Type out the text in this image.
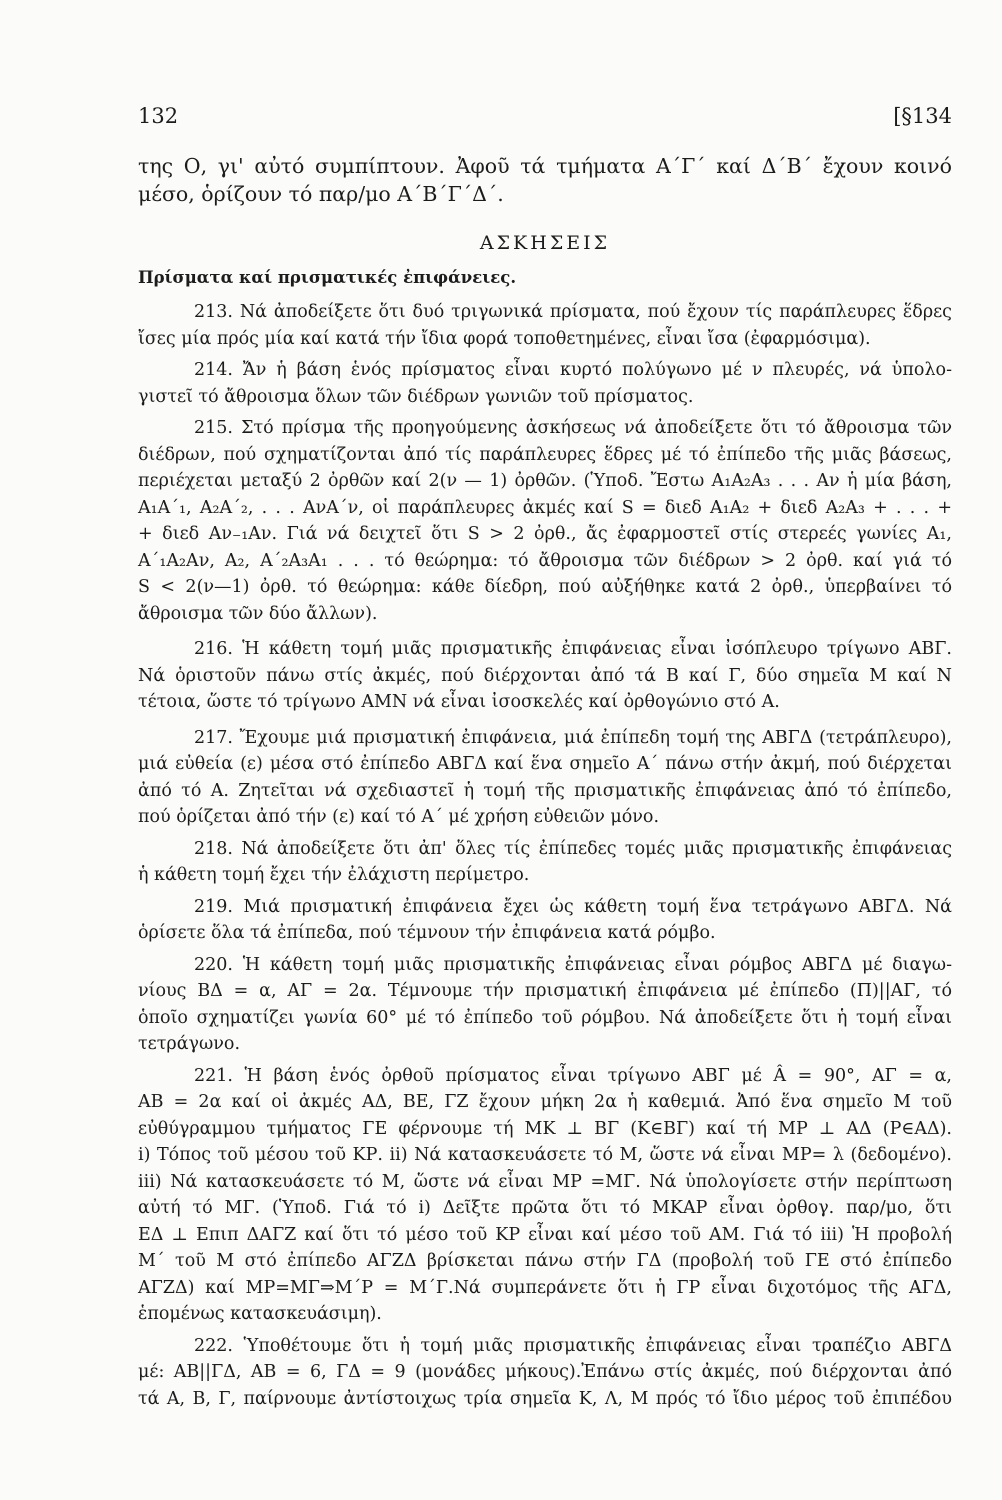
132	[§134
της Ο, γι' αὐτό συμπίπτουν. Ἀφοῦ τά τμήματα Α΄Γ΄ καί Δ΄Β΄ ἔχουν κοινό
μέσο, ὁρίζουν τό παρ/μο Α΄Β΄Γ΄Δ΄.
ΑΣΚΗΣΕΙΣ
Πρίσματα καί πρισματικές ἐπιφάνειες.
213. Νά ἀποδείξετε ὅτι δυό τριγωνικά πρίσματα, πού ἔχουν τίς παράπλευρες ἕδρες
ἴσες μία πρός μία καί κατά τήν ἴδια φορά τοποθετημένες, εἶναι ἴσα (ἐφαρμόσιμα).
214. Ἄν ἡ βάση ἑνός πρίσματος εἶναι κυρτό πολύγωνο μέ ν πλευρές, νά ὑπολο-
γιστεῖ τό ἄθροισμα ὅλων τῶν διέδρων γωνιῶν τοῦ πρίσματος.
215. Στό πρίσμα τῆς προηγούμενης ἀσκήσεως νά ἀποδείξετε ὅτι τό ἄθροισμα τῶν
διέδρων, πού σχηματίζονται ἀπό τίς παράπλευρες ἕδρες μέ τό ἐπίπεδο τῆς μιᾶς βάσεως,
περιέχεται μεταξύ 2 ὀρθῶν καί 2(ν — 1) ὀρθῶν. (Ὑποδ. Ἔστω Α₁Α₂Α₃ . . . Αν ἡ μία βάση,
Α₁Α΄₁, Α₂Α΄₂, . . . ΑνΑ΄ν, οἱ παράπλευρες ἀκμές καί S = διεδ Α₁Α₂ + διεδ Α₂Α₃ + . . . +
+ διεδ Αν₋₁Αν. Γιά νά δειχτεῖ ὅτι S > 2 ὀρθ., ἄς ἐφαρμοστεῖ στίς στερεές γωνίες Α₁,
Α΄₁Α₂Αν, Α₂, Α΄₂Α₃Α₁ . . . τό θεώρημα: τό ἄθροισμα τῶν διέδρων > 2 ὀρθ. καί γιά τό
S < 2(ν—1) ὀρθ. τό θεώρημα: κάθε δίεδρη, πού αὐξήθηκε κατά 2 ὀρθ., ὑπερβαίνει τό
ἄθροισμα τῶν δύο ἄλλων).
216. Ἡ κάθετη τομή μιᾶς πρισματικῆς ἐπιφάνειας εἶναι ἰσόπλευρο τρίγωνο ΑΒΓ.
Νά ὁριστοῦν πάνω στίς ἀκμές, πού διέρχονται ἀπό τά Β καί Γ, δύο σημεῖα Μ καί Ν
τέτοια, ὥστε τό τρίγωνο ΑΜΝ νά εἶναι ἰσοσκελές καί ὀρθογώνιο στό Α.
217. Ἔχουμε μιά πρισματική ἐπιφάνεια, μιά ἐπίπεδη τομή της ΑΒΓΔ (τετράπλευρο),
μιά εὐθεία (ε) μέσα στό ἐπίπεδο ΑΒΓΔ καί ἕνα σημεῖο Α΄ πάνω στήν ἀκμή, πού διέρχεται
ἀπό τό Α. Ζητεῖται νά σχεδιαστεῖ ἡ τομή τῆς πρισματικῆς ἐπιφάνειας ἀπό τό ἐπίπεδο,
πού ὁρίζεται ἀπό τήν (ε) καί τό Α΄ μέ χρήση εὐθειῶν μόνο.
218. Νά ἀποδείξετε ὅτι ἀπ' ὅλες τίς ἐπίπεδες τομές μιᾶς πρισματικῆς ἐπιφάνειας
ἡ κάθετη τομή ἔχει τήν ἐλάχιστη περίμετρο.
219. Μιά πρισματική ἐπιφάνεια ἔχει ὡς κάθετη τομή ἕνα τετράγωνο ΑΒΓΔ. Νά
ὁρίσετε ὅλα τά ἐπίπεδα, πού τέμνουν τήν ἐπιφάνεια κατά ρόμβο.
220. Ἡ κάθετη τομή μιᾶς πρισματικῆς ἐπιφάνειας εἶναι ρόμβος ΑΒΓΔ μέ διαγω-
νίους ΒΔ = α, ΑΓ = 2α. Τέμνουμε τήν πρισματική ἐπιφάνεια μέ ἐπίπεδο (Π)||ΑΓ, τό
ὁποῖο σχηματίζει γωνία 60° μέ τό ἐπίπεδο τοῦ ρόμβου. Νά ἀποδείξετε ὅτι ἡ τομή εἶναι
τετράγωνο.
221. Ἡ βάση ἑνός ὀρθοῦ πρίσματος εἶναι τρίγωνο ΑΒΓ μέ Â = 90°, ΑΓ = α,
ΑΒ = 2α καί οἱ ἀκμές ΑΔ, ΒΕ, ΓΖ ἔχουν μήκη 2α ἡ καθεμιά. Ἀπό ἕνα σημεῖο Μ τοῦ
εὐθύγραμμου τμήματος ΓΕ φέρνουμε τή ΜΚ ⊥ ΒΓ (Κ∈ΒΓ) καί τή ΜΡ ⊥ ΑΔ (Ρ∈ΑΔ).
i) Τόπος τοῦ μέσου τοῦ ΚΡ. ii) Νά κατασκευάσετε τό Μ, ὥστε νά εἶναι ΜΡ= λ (δεδομένο).
iii) Νά κατασκευάσετε τό Μ, ὥστε νά εἶναι ΜΡ =ΜΓ. Νά ὑπολογίσετε στήν περίπτωση
αὐτή τό ΜΓ. (Ὑποδ. Γιά τό i) Δεῖξτε πρῶτα ὅτι τό ΜΚΑΡ εἶναι ὀρθογ. παρ/μο, ὅτι
ΕΔ ⊥ Επιπ ΔΑΓΖ καί ὅτι τό μέσο τοῦ ΚΡ εἶναι καί μέσο τοῦ ΑΜ. Γιά τό iii) Ἡ προβολή
Μ΄ τοῦ Μ στό ἐπίπεδο ΑΓΖΔ βρίσκεται πάνω στήν ΓΔ (προβολή τοῦ ΓΕ στό ἐπίπεδο
ΑΓΖΔ) καί ΜΡ=ΜΓ⇒Μ΄Ρ = Μ΄Γ.Νά συμπεράνετε ὅτι ἡ ΓΡ εἶναι διχοτόμος τῆς ΑΓΔ,
ἑπομένως κατασκευάσιμη).
222. Ὑποθέτουμε ὅτι ἡ τομή μιᾶς πρισματικῆς ἐπιφάνειας εἶναι τραπέζιο ΑΒΓΔ
μέ: ΑΒ||ΓΔ, ΑΒ = 6, ΓΔ = 9 (μονάδες μήκους).Ἐπάνω στίς ἀκμές, πού διέρχονται ἀπό
τά Α, Β, Γ, παίρνουμε ἀντίστοιχως τρία σημεῖα Κ, Λ, Μ πρός τό ἴδιο μέρος τοῦ ἐπιπέδου
